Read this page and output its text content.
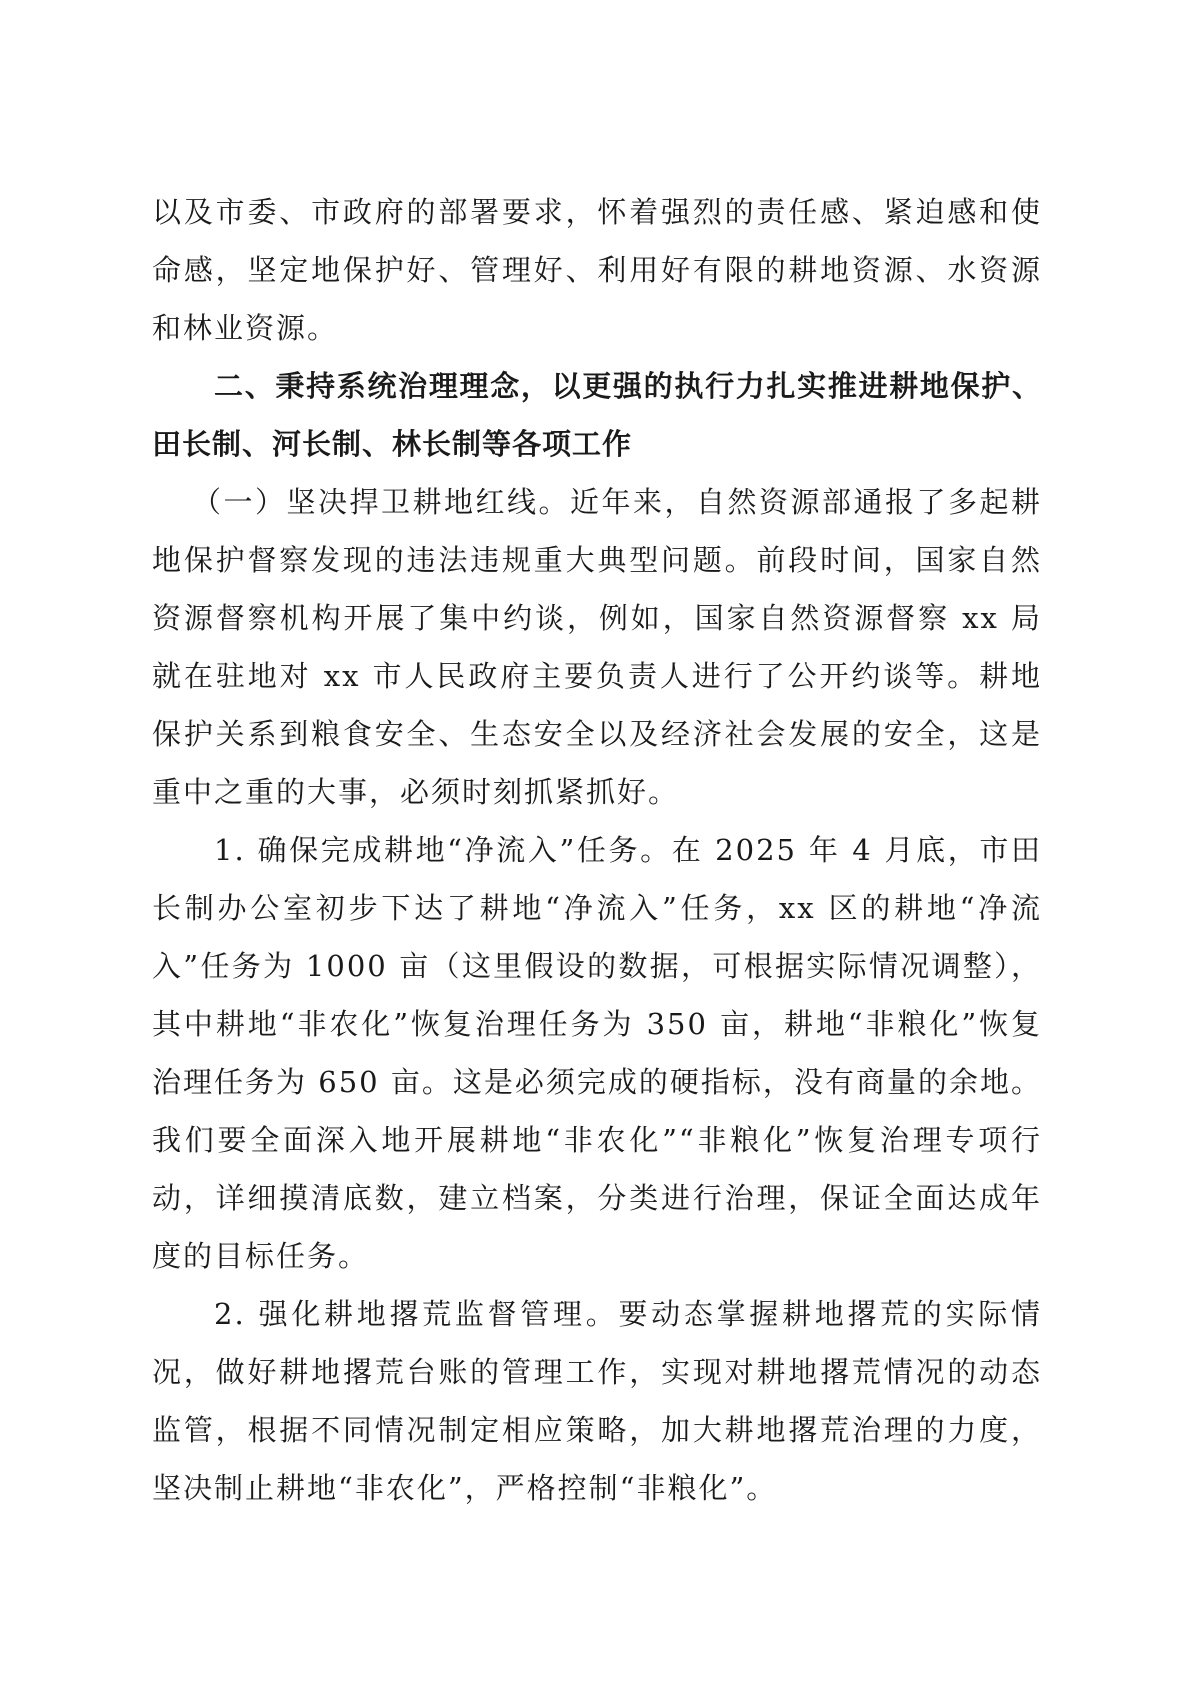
以及市委、市政府的部署要求，怀着强烈的责任感、紧迫感和使命感，坚定地保护好、管理好、利用好有限的耕地资源、水资源和林业资源。

二、秉持系统治理理念，以更强的执行力扎实推进耕地保护、田长制、河长制、林长制等各项工作

（一）坚决捍卫耕地红线。近年来，自然资源部通报了多起耕地保护督察发现的违法违规重大典型问题。前段时间，国家自然资源督察机构开展了集中约谈，例如，国家自然资源督察 xx 局就在驻地对 xx 市人民政府主要负责人进行了公开约谈等。耕地保护关系到粮食安全、生态安全以及经济社会发展的安全，这是重中之重的大事，必须时刻抓紧抓好。

1. 确保完成耕地“净流入”任务。在 2025 年 4 月底，市田长制办公室初步下达了耕地“净流入”任务，xx 区的耕地“净流入”任务为 1000 亩（这里假设的数据，可根据实际情况调整），其中耕地“非农化”恢复治理任务为 350 亩，耕地“非粮化”恢复治理任务为 650 亩。这是必须完成的硬指标，没有商量的余地。我们要全面深入地开展耕地“非农化”“非粮化”恢复治理专项行动，详细摸清底数，建立档案，分类进行治理，保证全面达成年度的目标任务。

2. 强化耕地撂荒监督管理。要动态掌握耕地撂荒的实际情况，做好耕地撂荒台账的管理工作，实现对耕地撂荒情况的动态监管，根据不同情况制定相应策略，加大耕地撂荒治理的力度，坚决制止耕地“非农化”，严格控制“非粮化”。
